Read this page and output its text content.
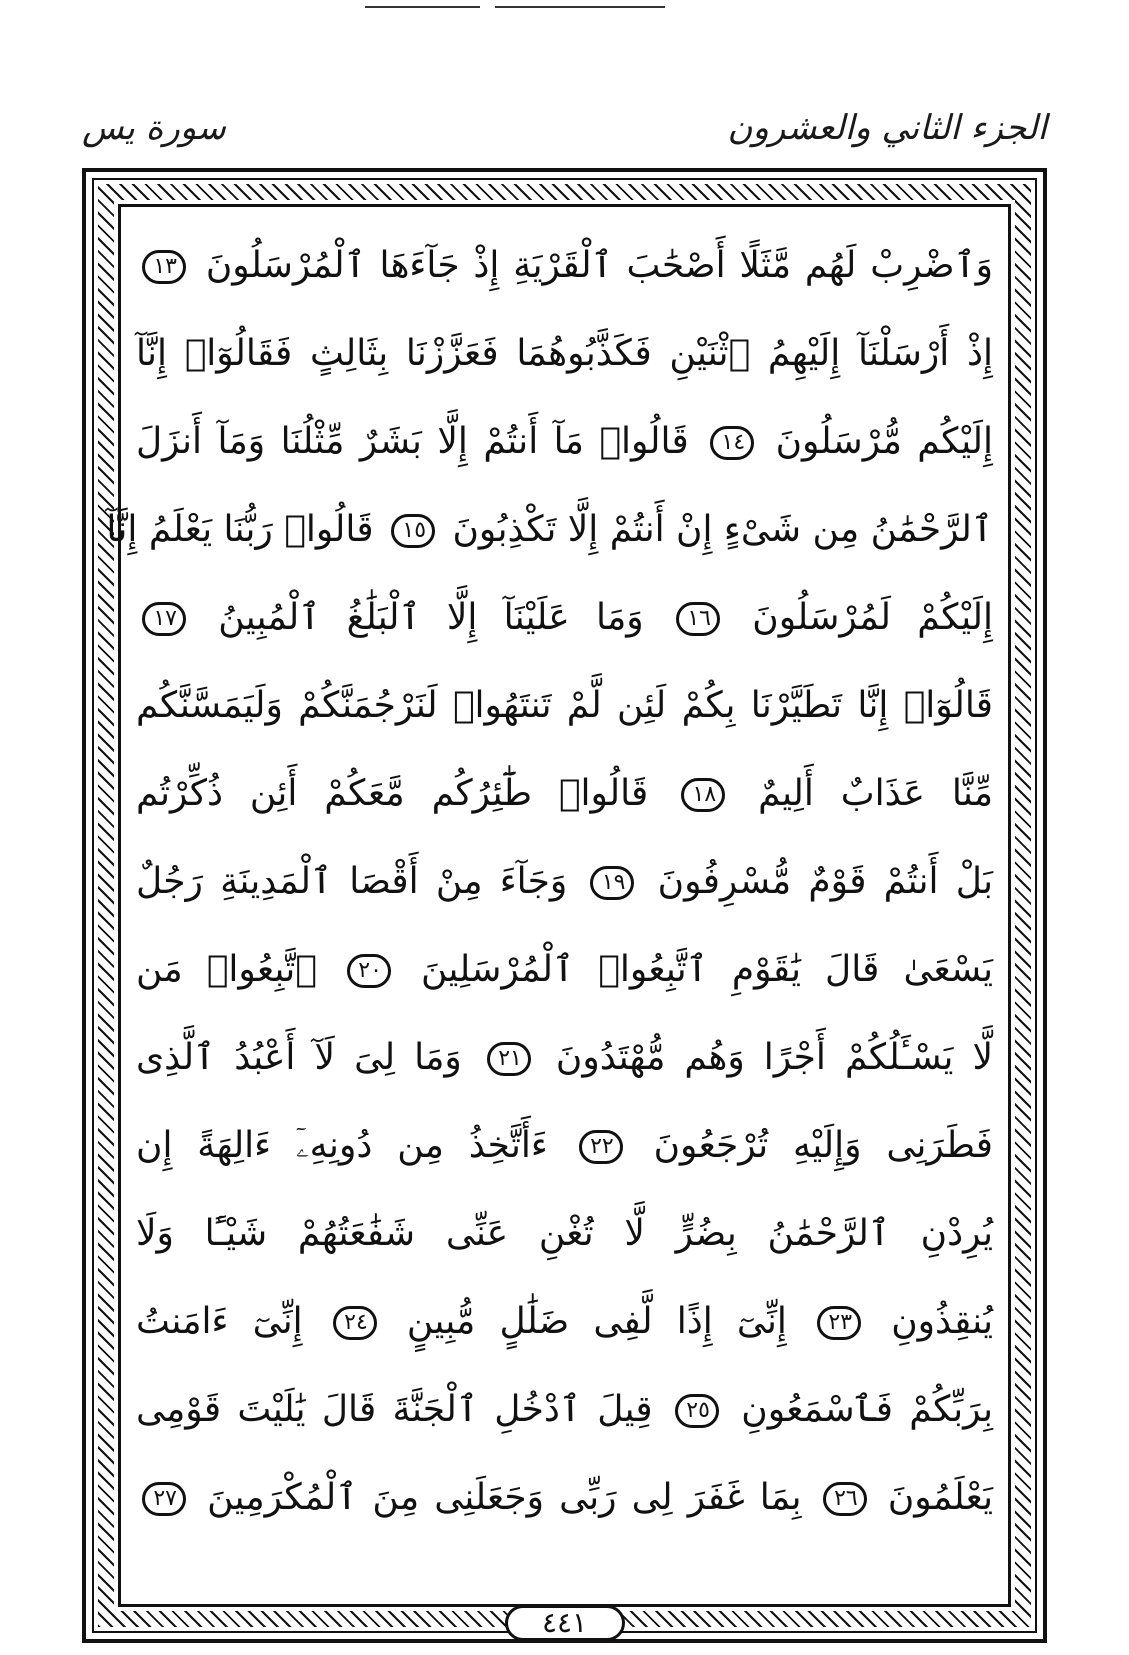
الجزء الثاني والعشرون
سورة يس
وَٱضْرِبْ لَهُم مَّثَلًا أَصْحَٰبَ ٱلْقَرْيَةِ إِذْ جَآءَهَا ٱلْمُرْسَلُونَ ١٣
إِذْ أَرْسَلْنَآ إِلَيْهِمُ ٱثْنَيْنِ فَكَذَّبُوهُمَا فَعَزَّزْنَا بِثَالِثٍ فَقَالُوٓا۟ إِنَّآ
إِلَيْكُم مُّرْسَلُونَ ١٤ قَالُوا۟ مَآ أَنتُمْ إِلَّا بَشَرٌ مِّثْلُنَا وَمَآ أَنزَلَ
ٱلرَّحْمَٰنُ مِن شَىْءٍ إِنْ أَنتُمْ إِلَّا تَكْذِبُونَ ١٥ قَالُوا۟ رَبُّنَا يَعْلَمُ إِنَّآ
إِلَيْكُمْ لَمُرْسَلُونَ ١٦ وَمَا عَلَيْنَآ إِلَّا ٱلْبَلَٰغُ ٱلْمُبِينُ ١٧
قَالُوٓا۟ إِنَّا تَطَيَّرْنَا بِكُمْ لَئِن لَّمْ تَنتَهُوا۟ لَنَرْجُمَنَّكُمْ وَلَيَمَسَّنَّكُم
مِّنَّا عَذَابٌ أَلِيمٌ ١٨ قَالُوا۟ طَٰٓئِرُكُم مَّعَكُمْ أَئِن ذُكِّرْتُم
بَلْ أَنتُمْ قَوْمٌ مُّسْرِفُونَ ١٩ وَجَآءَ مِنْ أَقْصَا ٱلْمَدِينَةِ رَجُلٌ
يَسْعَىٰ قَالَ يَٰقَوْمِ ٱتَّبِعُوا۟ ٱلْمُرْسَلِينَ ٢٠ ٱتَّبِعُوا۟ مَن
لَّا يَسْـَٔلُكُمْ أَجْرًا وَهُم مُّهْتَدُونَ ٢١ وَمَا لِىَ لَآ أَعْبُدُ ٱلَّذِى
فَطَرَنِى وَإِلَيْهِ تُرْجَعُونَ ٢٢ ءَأَتَّخِذُ مِن دُونِهِۦٓ ءَالِهَةً إِن
يُرِدْنِ ٱلرَّحْمَٰنُ بِضُرٍّ لَّا تُغْنِ عَنِّى شَفَٰعَتُهُمْ شَيْـًٔا وَلَا
يُنقِذُونِ ٢٣ إِنِّىٓ إِذًا لَّفِى ضَلَٰلٍ مُّبِينٍ ٢٤ إِنِّىٓ ءَامَنتُ
بِرَبِّكُمْ فَٱسْمَعُونِ ٢٥ قِيلَ ٱدْخُلِ ٱلْجَنَّةَ قَالَ يَٰلَيْتَ قَوْمِى
يَعْلَمُونَ ٢٦ بِمَا غَفَرَ لِى رَبِّى وَجَعَلَنِى مِنَ ٱلْمُكْرَمِينَ ٢٧
٤٤١
